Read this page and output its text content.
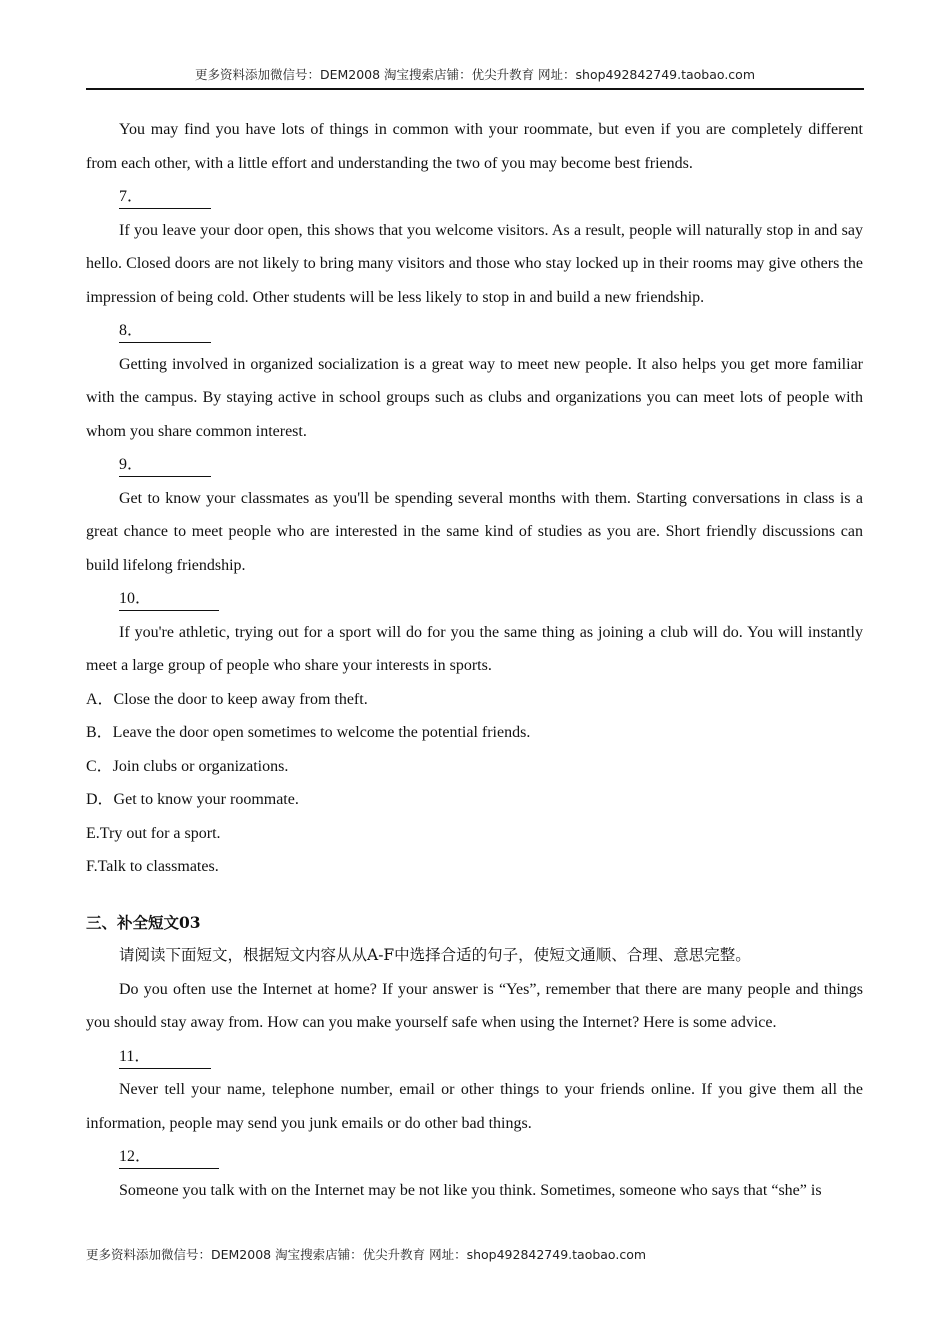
更多资料添加微信号：DEM2008 淘宝搜索店铺：优尖升教育 网址：shop492842749.taobao.com

You may find you have lots of things in common with your roommate, but even if you are completely different from each other, with a little effort and understanding the two of you may become best friends.

7．

If you leave your door open, this shows that you welcome visitors. As a result, people will naturally stop in and say hello. Closed doors are not likely to bring many visitors and those who stay locked up in their rooms may give others the impression of being cold. Other students will be less likely to stop in and build a new friendship.

8．

Getting involved in organized socialization is a great way to meet new people. It also helps you get more familiar with the campus. By staying active in school groups such as clubs and organizations you can meet lots of people with whom you share common interest.

9．

Get to know your classmates as you'll be spending several months with them. Starting conversations in class is a great chance to meet people who are interested in the same kind of studies as you are. Short friendly discussions can build lifelong friendship.

10．

If you're athletic, trying out for a sport will do for you the same thing as joining a club will do. You will instantly meet a large group of people who share your interests in sports.

A．Close the door to keep away from theft.

B．Leave the door open sometimes to welcome the potential friends.

C．Join clubs or organizations.

D．Get to know your roommate.

E.Try out for a sport.

F.Talk to classmates.

三、补全短文03

请阅读下面短文，根据短文内容从从A-F中选择合适的句子，使短文通顺、合理、意思完整。

Do you often use the Internet at home? If your answer is “Yes”, remember that there are many people and things you should stay away from. How can you make yourself safe when using the Internet? Here is some advice.

11．

Never tell your name, telephone number, email or other things to your friends online. If you give them all the information, people may send you junk emails or do other bad things.

12．

Someone you talk with on the Internet may be not like you think. Sometimes, someone who says that “she” is

更多资料添加微信号：DEM2008 淘宝搜索店铺：优尖升教育 网址：shop492842749.taobao.com
